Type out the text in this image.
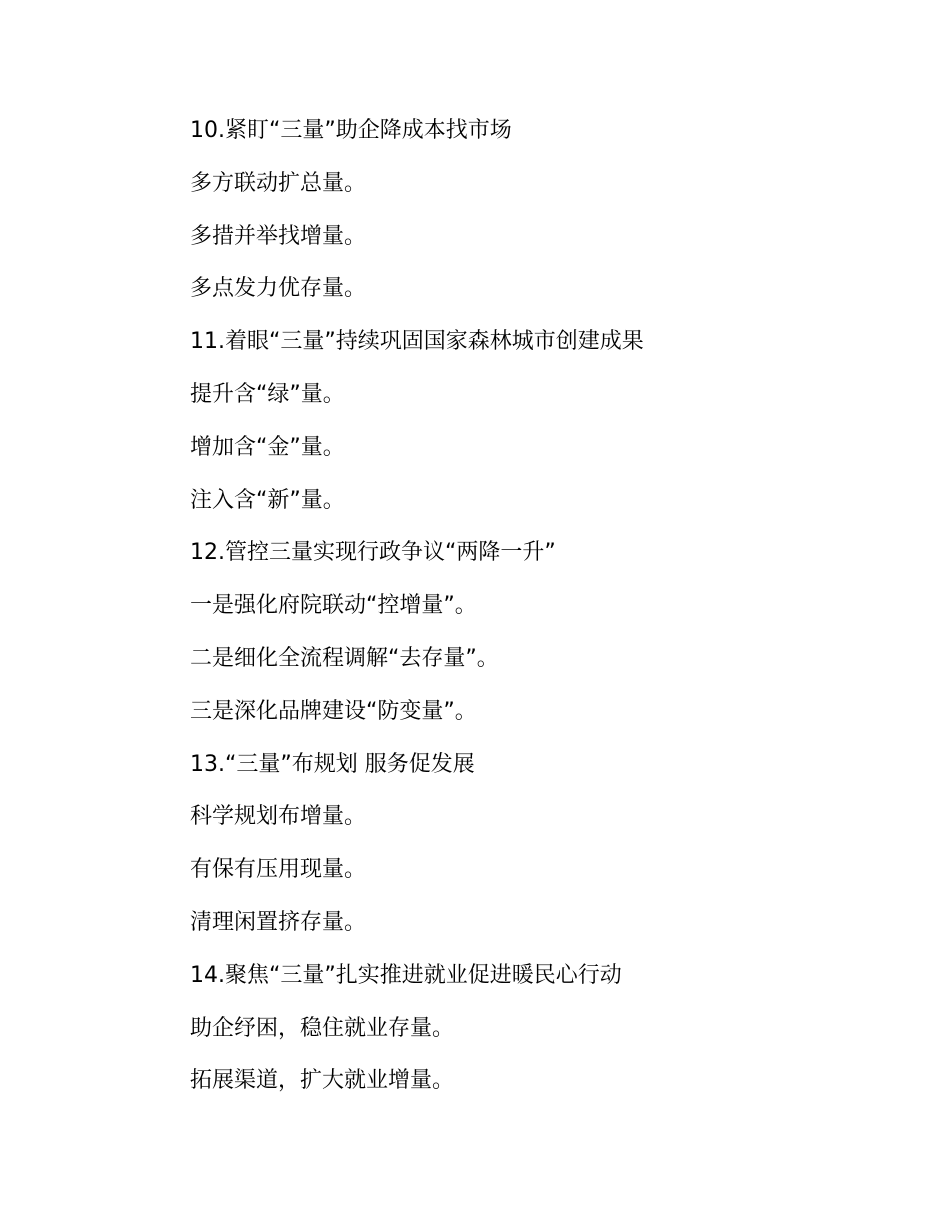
10.紧盯“三量”助企降成本找市场
多方联动扩总量。
多措并举找增量。
多点发力优存量。
11.着眼“三量”持续巩固国家森林城市创建成果
提升含“绿”量。
增加含“金”量。
注入含“新”量。
12.管控三量实现行政争议“两降一升”
一是强化府院联动“控增量”。
二是细化全流程调解“去存量”。
三是深化品牌建设“防变量”。
13.“三量”布规划 服务促发展
科学规划布增量。
有保有压用现量。
清理闲置挤存量。
14.聚焦“三量”扎实推进就业促进暖民心行动
助企纾困，稳住就业存量。
拓展渠道，扩大就业增量。
